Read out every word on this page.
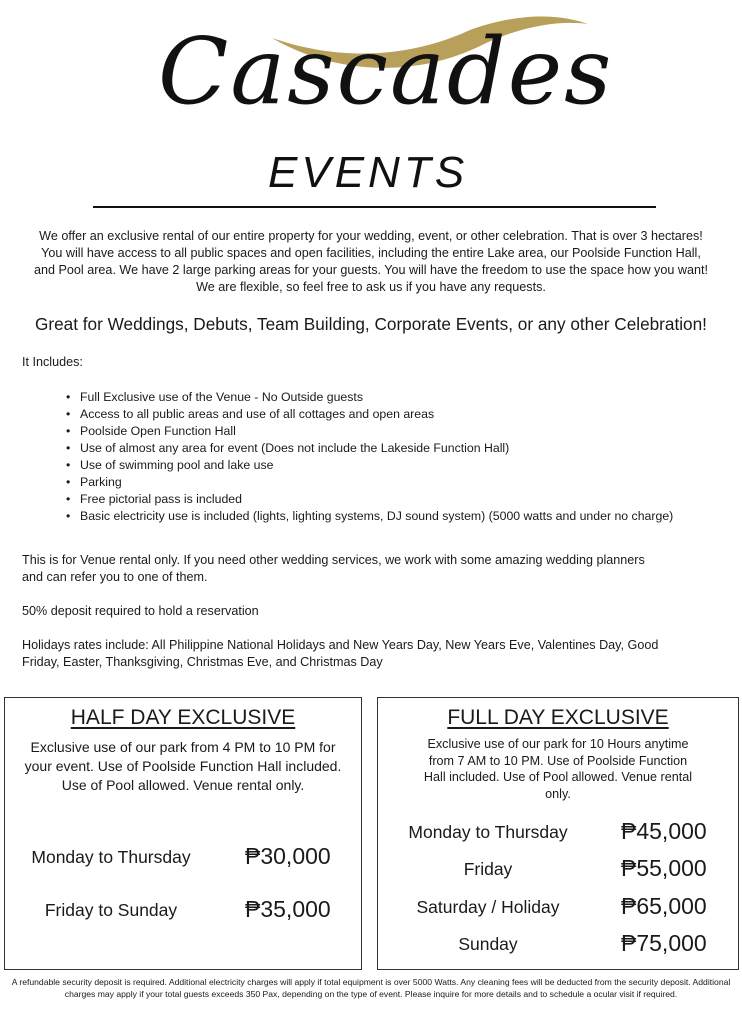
Cascades
EVENTS
We offer an exclusive rental of our entire property for your wedding, event, or other celebration. That is over 3 hectares! You will have access to all public spaces and open facilities, including the entire Lake area, our Poolside Function Hall, and Pool area. We have 2 large parking areas for your guests. You will have the freedom to use the space how you want! We are flexible, so feel free to ask us if you have any requests.
Great for Weddings, Debuts, Team Building, Corporate Events, or any other Celebration!
It Includes:
• Full Exclusive use of the Venue - No Outside guests
• Access to all public areas and use of all cottages and open areas
• Poolside Open Function Hall
• Use of almost any area for event (Does not include the Lakeside Function Hall)
• Use of swimming pool and lake use
• Parking
• Free pictorial pass is included
• Basic electricity use is included (lights, lighting systems, DJ sound system) (5000 watts and under no charge)
This is for Venue rental only. If you need other wedding services, we work with some amazing wedding planners and can refer you to one of them.
50% deposit required to hold a reservation
Holidays rates include: All Philippine National Holidays and New Years Day, New Years Eve, Valentines Day, Good Friday, Easter, Thanksgiving, Christmas Eve, and Christmas Day
HALF DAY EXCLUSIVE
Exclusive use of our park from 4 PM to 10 PM for your event. Use of Poolside Function Hall included. Use of Pool allowed. Venue rental only.
Monday to Thursday	₱30,000
Friday to Sunday	₱35,000
FULL DAY EXCLUSIVE
Exclusive use of our park for 10 Hours anytime from 7 AM to 10 PM. Use of Poolside Function Hall included. Use of Pool allowed. Venue rental only.
Monday to Thursday	₱45,000
Friday	₱55,000
Saturday / Holiday	₱65,000
Sunday	₱75,000
A refundable security deposit is required. Additional electricity charges will apply if total equipment is over 5000 Watts. Any cleaning fees will be deducted from the security deposit. Additional charges may apply if your total guests exceeds 350 Pax, depending on the type of event. Please inquire for more details and to schedule a ocular visit if required.
